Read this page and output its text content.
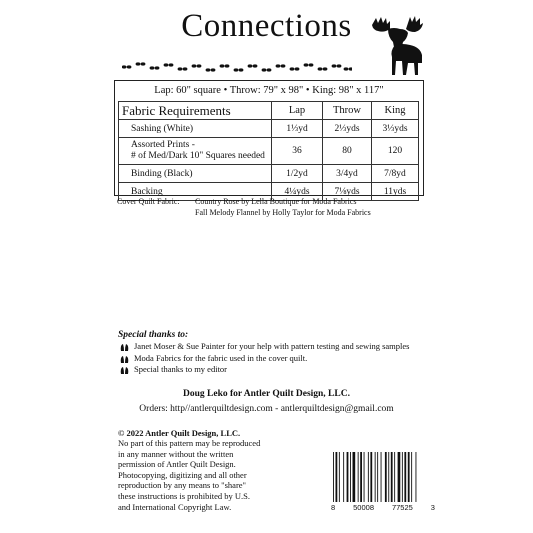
Connections
Lap: 60" square • Throw: 79" x 98" • King: 98" x 117"
Fabric Requirements	Lap	Throw	King
Sashing (White)	1⅓yd	2⅓yds	3⅓yds

Assorted Prints -
# of Med/Dark 10" Squares needed	36	80	120
Binding (Black)	1/2yd	3/4yd	7/8yd
Backing	4¼yds	7⅛yds	11yds
Cover Quilt Fabric: Country Rose by Lella Boutique for Moda Fabrics
Fall Melody Flannel by Holly Taylor for Moda Fabrics
Special thanks to:
Janet Moser & Sue Painter for your help with pattern testing and sewing samples
Moda Fabrics for the fabric used in the cover quilt.
Special thanks to my editor
Doug Leko for Antler Quilt Design, LLC.
Orders: http//antlerquiltdesign.com - antlerquiltdesign@gmail.com
© 2022 Antler Quilt Design, LLC.
No part of this pattern may be reproduced
in any manner without the written
permission of Antler Quilt Design.
Photocopying, digitizing and all other
reproduction by any means to "share"
these instructions is prohibited by U.S.
and International Copyright Law.	8 50008 77525 3
